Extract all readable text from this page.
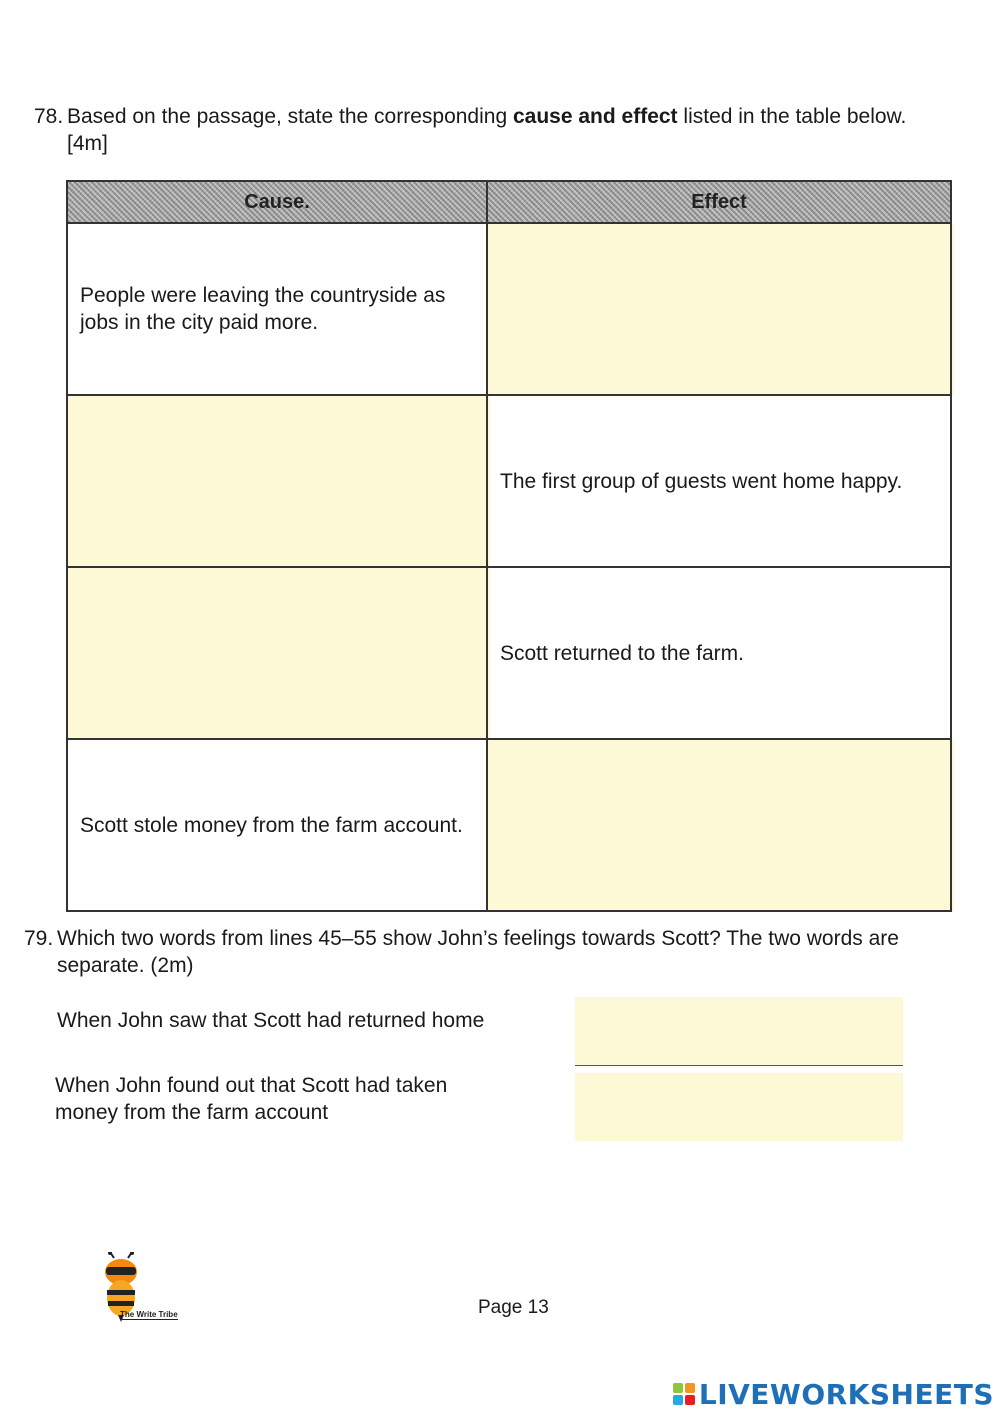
78. Based on the passage, state the corresponding cause and effect listed in the table below. [4m]
Cause.	Effect
People were leaving the countryside as jobs in the city paid more.	

	The first group of guests went home happy.

	Scott returned to the farm.
Scott stole money from the farm account.	
79. Which two words from lines 45–55 show John’s feelings towards Scott? The two words are separate. (2m)
When John saw that Scott had returned home
When John found out that Scott had taken money from the farm account
The Write Tribe	Page 13
LIVEWORKSHEETS
